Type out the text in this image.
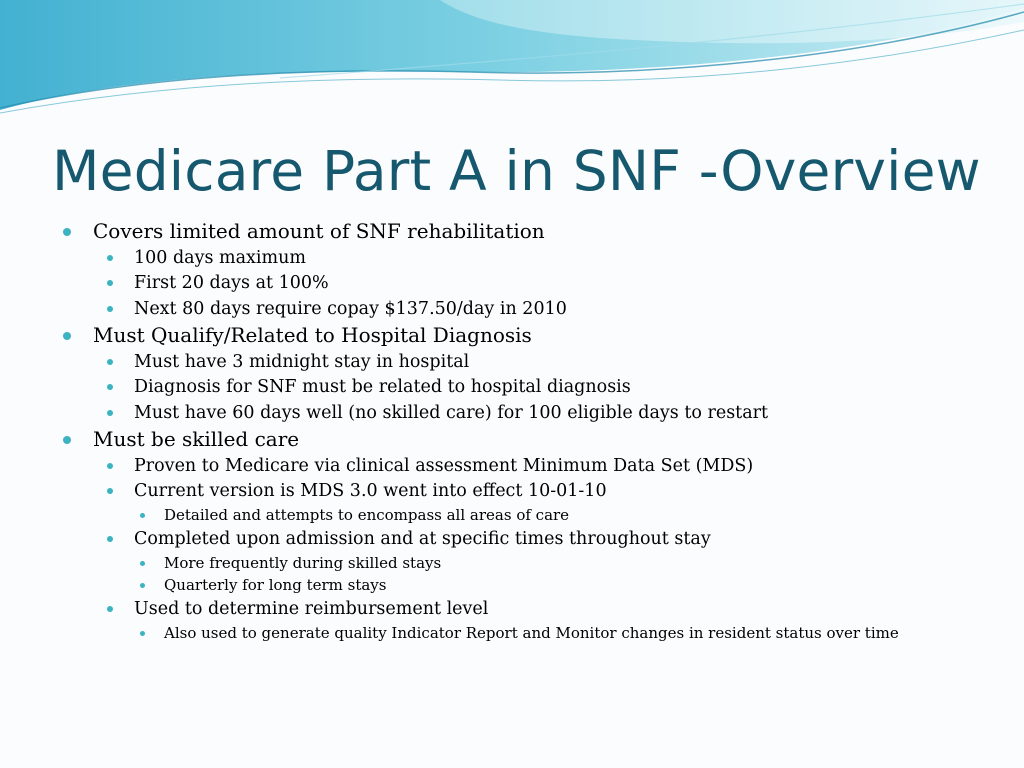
Medicare Part A in SNF -Overview
Covers limited amount of SNF rehabilitation
100 days maximum
First 20 days at 100%
Next 80 days require copay $137.50/day in 2010
Must Qualify/Related to Hospital Diagnosis
Must have 3 midnight stay in hospital
Diagnosis for SNF must be related to hospital diagnosis
Must have 60 days well (no skilled care) for 100 eligible days to restart
Must be skilled care
Proven to Medicare via clinical assessment Minimum Data Set (MDS)
Current version is MDS 3.0 went into effect 10-01-10
Detailed and attempts to encompass all areas of care
Completed upon admission and at specific times throughout stay
More frequently during skilled stays
Quarterly for long term stays
Used to determine reimbursement level
Also used to generate quality Indicator Report and Monitor changes in resident status over time
